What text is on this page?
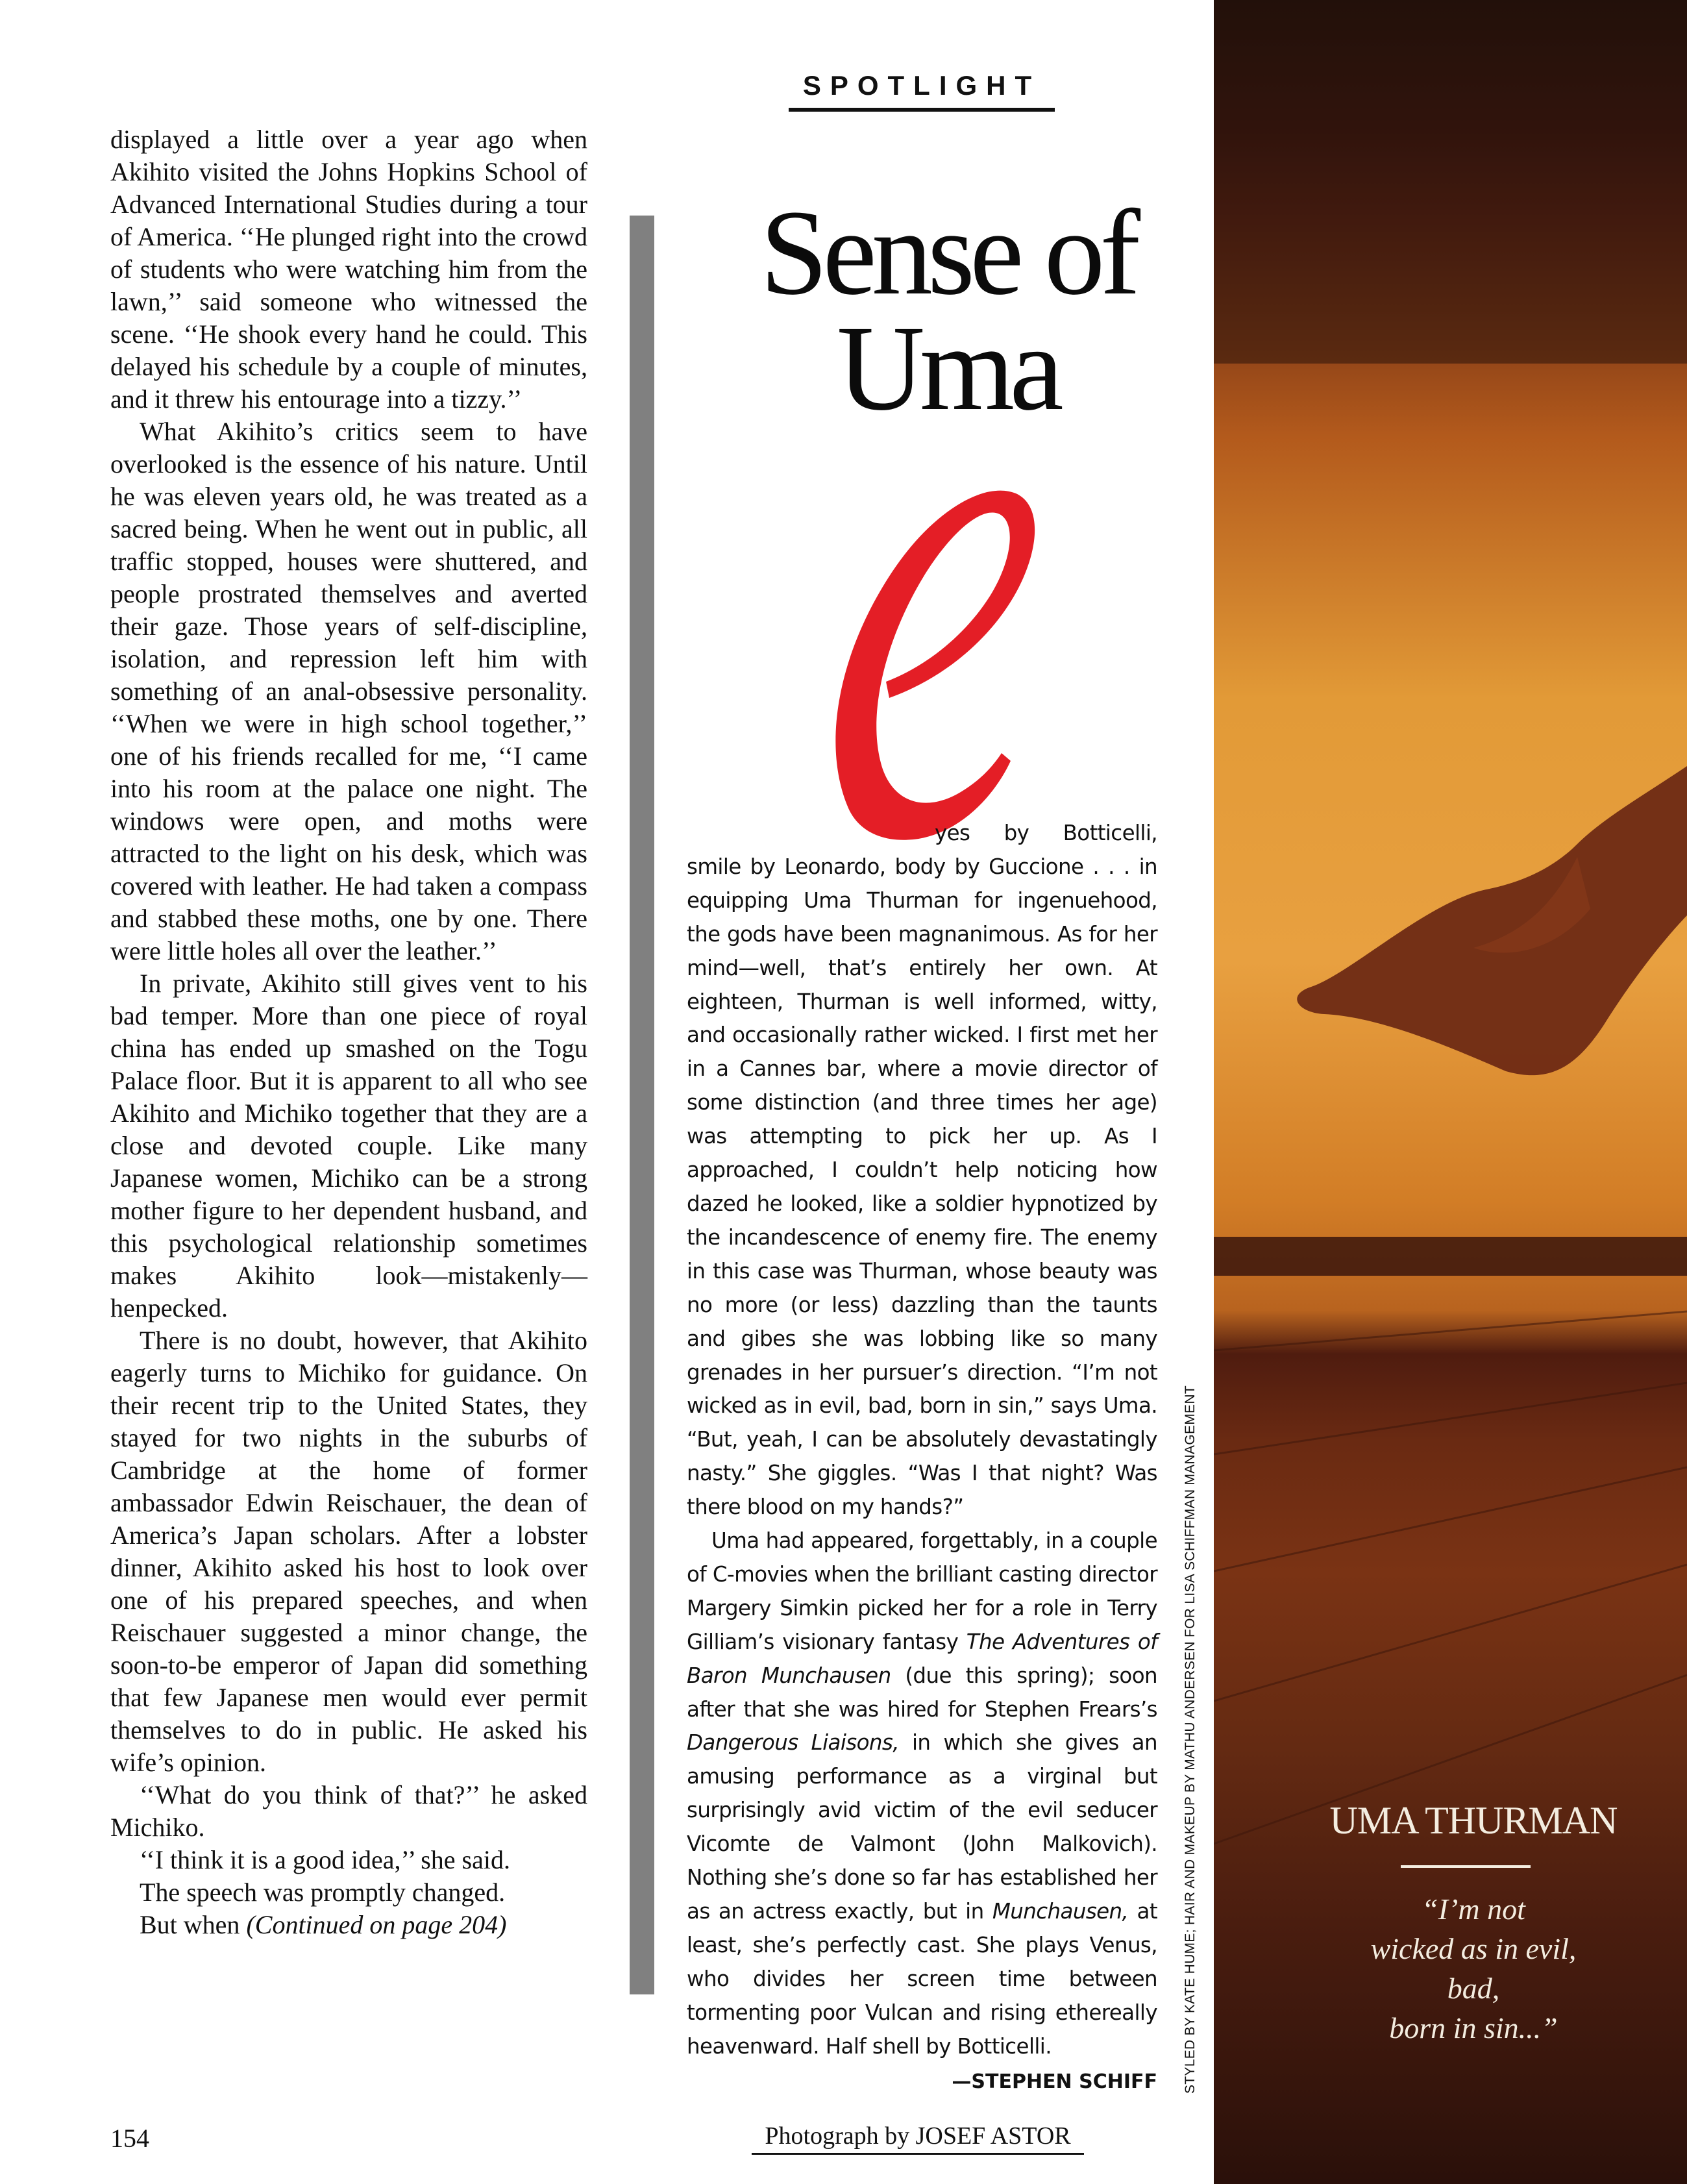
displayed a little over a year ago when Akihito visited the Johns Hopkins School of Advanced International Studies during a tour of America. ‘‘He plunged right into the crowd of students who were watching him from the lawn,’’ said someone who witnessed the scene. ‘‘He shook every hand he could. This delayed his schedule by a couple of minutes, and it threw his entourage into a tizzy.’’

What Akihito’s critics seem to have overlooked is the essence of his nature. Until he was eleven years old, he was treated as a sacred being. When he went out in public, all traffic stopped, houses were shuttered, and people prostrated themselves and averted their gaze. Those years of self-discipline, isolation, and repression left him with something of an anal-obsessive personality. ‘‘When we were in high school together,’’ one of his friends recalled for me, ‘‘I came into his room at the palace one night. The windows were open, and moths were attracted to the light on his desk, which was covered with leather. He had taken a compass and stabbed these moths, one by one. There were little holes all over the leather.’’

In private, Akihito still gives vent to his bad temper. More than one piece of royal china has ended up smashed on the Togu Palace floor. But it is apparent to all who see Akihito and Michiko together that they are a close and devoted couple. Like many Japanese women, Michiko can be a strong mother figure to her dependent husband, and this psychological relationship sometimes makes Akihito look—mistakenly—henpecked.

There is no doubt, however, that Akihito eagerly turns to Michiko for guidance. On their recent trip to the United States, they stayed for two nights in the suburbs of Cambridge at the home of former ambassador Edwin Reischauer, the dean of America’s Japan scholars. After a lobster dinner, Akihito asked his host to look over one of his prepared speeches, and when Reischauer suggested a minor change, the soon-to-be emperor of Japan did something that few Japanese men would ever permit themselves to do in public. He asked his wife’s opinion.

‘‘What do you think of that?’’ he asked Michiko.

‘‘I think it is a good idea,’’ she said.

The speech was promptly changed.

But when (Continued on page 204)

154
SPOTLIGHT
Sense of
Uma

yes by Botticelli, smile by Leonardo, body by Guccione . . . in equipping Uma Thurman for ingenuehood, the gods have been magnanimous. As for her mind—well, that’s entirely her own. At eighteen, Thurman is well informed, witty, and occasionally rather wicked. I first met her in a Cannes bar, where a movie director of some distinction (and three times her age) was attempting to pick her up. As I approached, I couldn’t help noticing how dazed he looked, like a soldier hypnotized by the incandescence of enemy fire. The enemy in this case was Thurman, whose beauty was no more (or less) dazzling than the taunts and gibes she was lobbing like so many grenades in her pursuer’s direction. “I’m not wicked as in evil, bad, born in sin,” says Uma. “But, yeah, I can be absolutely devastatingly nasty.” She giggles. “Was I that night? Was there blood on my hands?”

Uma had appeared, forgettably, in a couple of C-movies when the brilliant casting director Margery Simkin picked her for a role in Terry Gilliam’s visionary fantasy The Adventures of Baron Munchausen (due this spring); soon after that she was hired for Stephen Frears’s Dangerous Liaisons, in which she gives an amusing performance as a virginal but surprisingly avid victim of the evil seducer Vicomte de Valmont (John Malkovich). Nothing she’s done so far has established her as an actress exactly, but in Munchausen, at least, she’s perfectly cast. She plays Venus, who divides her screen time between tormenting poor Vulcan and rising ethereally heavenward. Half shell by Botticelli.

—STEPHEN SCHIFF
Photograph by JOSEF ASTOR
STYLED BY KATE HUME; HAIR AND MAKEUP BY MATHU ANDERSEN FOR LISA SCHIFFMAN MANAGEMENT	UMA THURMAN
“I’m not
wicked as in evil,
bad,
born in sin...”
